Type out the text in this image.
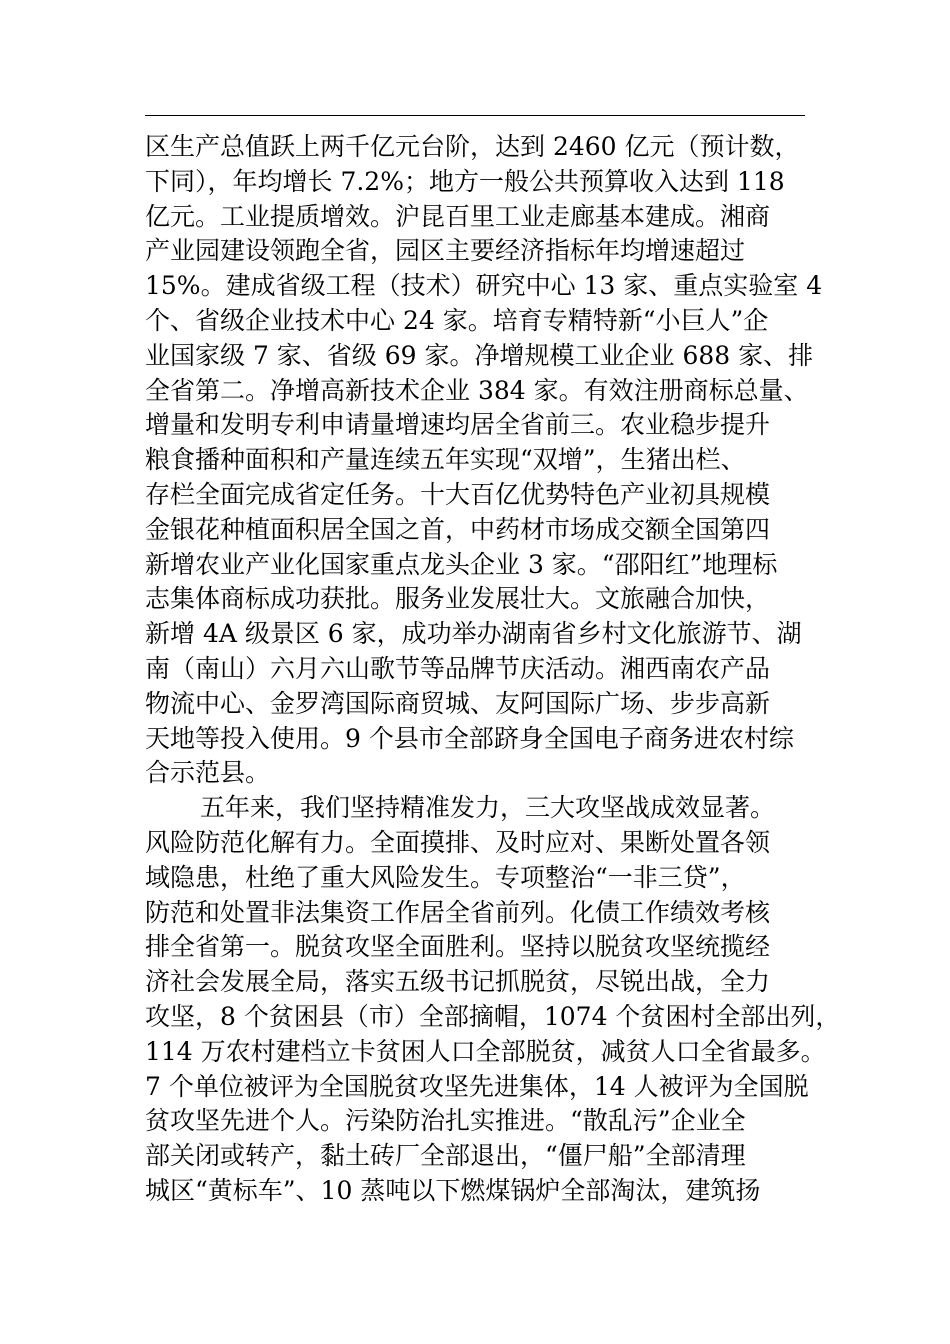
区生产总值跃上两千亿元台阶，达到 2460 亿元（预计数，
下同），年均增长 7.2%；地方一般公共预算收入达到 118
亿元。工业提质增效。沪昆百里工业走廊基本建成。湘商
产业园建设领跑全省，园区主要经济指标年均增速超过
15%。建成省级工程（技术）研究中心 13 家、重点实验室 4
个、省级企业技术中心 24 家。培育专精特新“小巨人”企
业国家级 7 家、省级 69 家。净增规模工业企业 688 家、排
全省第二。净增高新技术企业 384 家。有效注册商标总量、
增量和发明专利申请量增速均居全省前三。农业稳步提升
粮食播种面积和产量连续五年实现“双增”，生猪出栏、
存栏全面完成省定任务。十大百亿优势特色产业初具规模
金银花种植面积居全国之首，中药材市场成交额全国第四
新增农业产业化国家重点龙头企业 3 家。“邵阳红”地理标
志集体商标成功获批。服务业发展壮大。文旅融合加快，
新增 4A 级景区 6 家，成功举办湖南省乡村文化旅游节、湖
南（南山）六月六山歌节等品牌节庆活动。湘西南农产品
物流中心、金罗湾国际商贸城、友阿国际广场、步步高新
天地等投入使用。9 个县市全部跻身全国电子商务进农村综
合示范县。
五年来，我们坚持精准发力，三大攻坚战成效显著。
风险防范化解有力。全面摸排、及时应对、果断处置各领
域隐患，杜绝了重大风险发生。专项整治“一非三贷”，
防范和处置非法集资工作居全省前列。化债工作绩效考核
排全省第一。脱贫攻坚全面胜利。坚持以脱贫攻坚统揽经
济社会发展全局，落实五级书记抓脱贫，尽锐出战，全力
攻坚，8 个贫困县（市）全部摘帽，1074 个贫困村全部出列，
114 万农村建档立卡贫困人口全部脱贫，减贫人口全省最多。
7 个单位被评为全国脱贫攻坚先进集体，14 人被评为全国脱
贫攻坚先进个人。污染防治扎实推进。“散乱污”企业全
部关闭或转产，黏土砖厂全部退出，“僵尸船”全部清理
城区“黄标车”、10 蒸吨以下燃煤锅炉全部淘汰，建筑扬
